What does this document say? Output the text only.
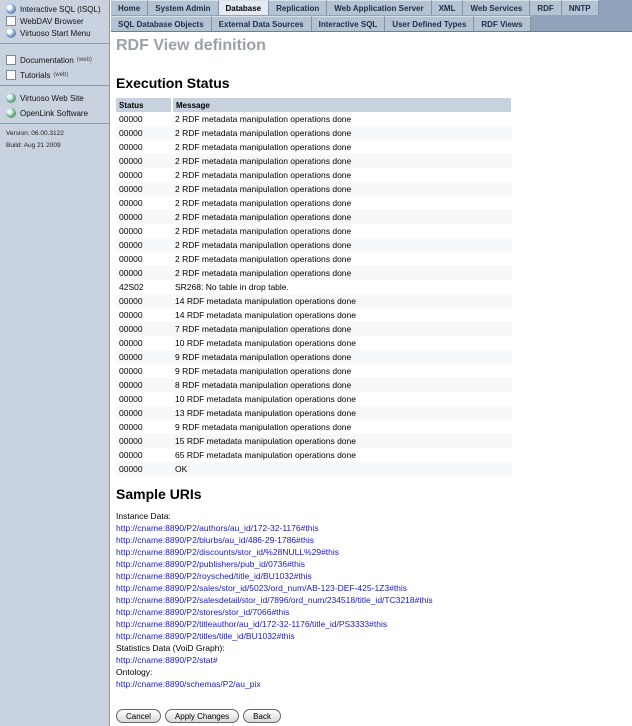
Interactive SQL (ISQL)
WebDAV Browser
Virtuoso Start Menu
Documentation (web)
Tutorials (web)
Virtuoso Web Site
OpenLink Software
Version: 06.00.3122
Build: Aug 21 2009
Home	System Admin	Database	Replication	Web Application Server	XML	Web Services	RDF	NNTP
SQL Database Objects	External Data Sources	Interactive SQL	User Defined Types	RDF Views
RDF View definition
Execution Status
Status	Message
00000	2 RDF metadata manipulation operations done
00000	2 RDF metadata manipulation operations done
00000	2 RDF metadata manipulation operations done
00000	2 RDF metadata manipulation operations done
00000	2 RDF metadata manipulation operations done
00000	2 RDF metadata manipulation operations done
00000	2 RDF metadata manipulation operations done
00000	2 RDF metadata manipulation operations done
00000	2 RDF metadata manipulation operations done
00000	2 RDF metadata manipulation operations done
00000	2 RDF metadata manipulation operations done
00000	2 RDF metadata manipulation operations done
42S02	SR268: No table in drop table.
00000	14 RDF metadata manipulation operations done
00000	14 RDF metadata manipulation operations done
00000	7 RDF metadata manipulation operations done
00000	10 RDF metadata manipulation operations done
00000	9 RDF metadata manipulation operations done
00000	9 RDF metadata manipulation operations done
00000	8 RDF metadata manipulation operations done
00000	10 RDF metadata manipulation operations done
00000	13 RDF metadata manipulation operations done
00000	9 RDF metadata manipulation operations done
00000	15 RDF metadata manipulation operations done
00000	65 RDF metadata manipulation operations done
00000	OK
Sample URIs
Instance Data:
http://cname:8890/P2/authors/au_id/172-32-1176#this
http://cname:8890/P2/blurbs/au_id/486-29-1786#this
http://cname:8890/P2/discounts/stor_id/%28NULL%29#this
http://cname:8890/P2/publishers/pub_id/0736#this
http://cname:8890/P2/roysched/title_id/BU1032#this
http://cname:8890/P2/sales/stor_id/5023/ord_num/AB-123-DEF-425-1Z3#this
http://cname:8890/P2/salesdetail/stor_id/7896/ord_num/234518/title_id/TC3218#this
http://cname:8890/P2/stores/stor_id/7066#this
http://cname:8890/P2/titleauthor/au_id/172-32-1176/title_id/PS3333#this
http://cname:8890/P2/titles/title_id/BU1032#this
Statistics Data (VoiD Graph):
http://cname:8890/P2/stat#
Ontology:
http://cname:8890/schemas/P2/au_pix
Cancel	Apply Changes	Back
